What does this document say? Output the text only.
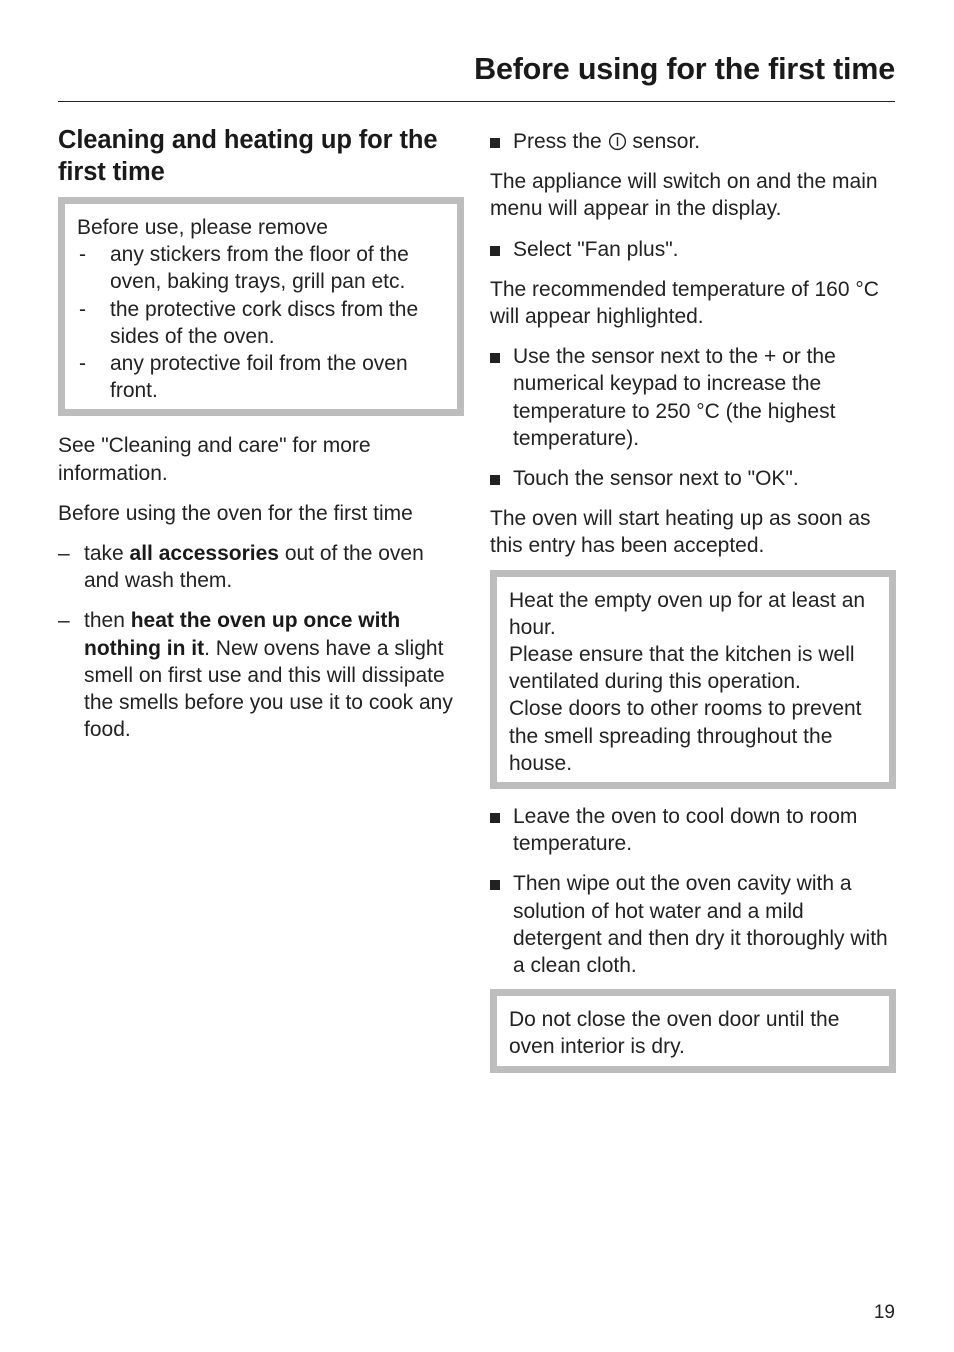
Before using for the first time
Cleaning and heating up for the first time

Before use, please remove

- any stickers from the floor of the oven, baking trays, grill pan etc.
- the protective cork discs from the sides of the oven.
- any protective foil from the oven front.

See "Cleaning and care" for more information.

Before using the oven for the first time

– take all accessories out of the oven and wash them.
– then heat the oven up once with nothing in it. New ovens have a slight smell on first use and this will dissipate the smells before you use it to cook any food.
Press the sensor.

The appliance will switch on and the main menu will appear in the display.

Select "Fan plus".

The recommended temperature of 160 °C will appear highlighted.

Use the sensor next to the + or the numerical keypad to increase the temperature to 250 °C (the highest temperature).
Touch the sensor next to "OK".

The oven will start heating up as soon as this entry has been accepted.

Heat the empty oven up for at least an hour.

Please ensure that the kitchen is well ventilated during this operation.

Close doors to other rooms to prevent the smell spreading throughout the house.

Leave the oven to cool down to room temperature.
Then wipe out the oven cavity with a solution of hot water and a mild detergent and then dry it thoroughly with a clean cloth.

Do not close the oven door until the oven interior is dry.

19
